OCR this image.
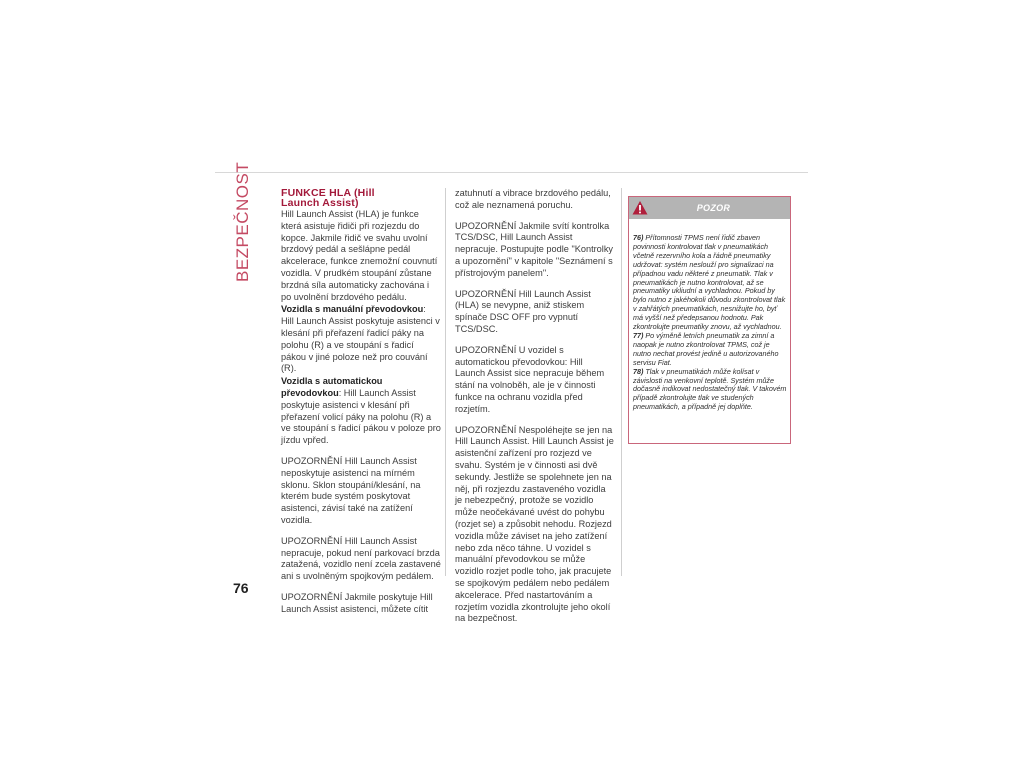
BEZPEČNOST
76
FUNKCE HLA (Hill
Launch Assist)

Hill Launch Assist (HLA) je funkce která asistuje řidiči při rozjezdu do kopce. Jakmile řidič ve svahu uvolní brzdový pedál a sešlápne pedál akcelerace, funkce znemožní couvnutí vozidla. V prudkém stoupání zůstane brzdná síla automaticky zachována i po uvolnění brzdového pedálu.

Vozidla s manuální převodovkou: Hill Launch Assist poskytuje asistenci v klesání při přeřazení řadicí páky na polohu (R) a ve stoupání s řadicí pákou v jiné poloze než pro couvání (R).

Vozidla s automatickou převodovkou: Hill Launch Assist poskytuje asistenci v klesání při přeřazení volicí páky na polohu (R) a ve stoupání s řadicí pákou v poloze pro jízdu vpřed.

UPOZORNĚNÍ Hill Launch Assist neposkytuje asistenci na mírném sklonu. Sklon stoupání/klesání, na kterém bude systém poskytovat asistenci, závisí také na zatížení vozidla.

UPOZORNĚNÍ Hill Launch Assist nepracuje, pokud není parkovací brzda zatažená, vozidlo není zcela zastavené ani s uvolněným spojkovým pedálem.

UPOZORNĚNÍ Jakmile poskytuje Hill Launch Assist asistenci, můžete cítit

zatuhnutí a vibrace brzdového pedálu, což ale neznamená poruchu.

UPOZORNĚNÍ Jakmile svítí kontrolka TCS/DSC, Hill Launch Assist nepracuje. Postupujte podle "Kontrolky a upozornění" v kapitole "Seznámení s přístrojovým panelem".

UPOZORNĚNÍ Hill Launch Assist (HLA) se nevypne, aniž stiskem spínače DSC OFF pro vypnutí TCS/DSC.

UPOZORNĚNÍ U vozidel s automatickou převodovkou: Hill Launch Assist sice nepracuje během stání na volnoběh, ale je v činnosti funkce na ochranu vozidla před rozjetím.

UPOZORNĚNÍ Nespoléhejte se jen na Hill Launch Assist. Hill Launch Assist je asistenční zařízení pro rozjezd ve svahu. Systém je v činnosti asi dvě sekundy. Jestliže se spolehnete jen na něj, při rozjezdu zastaveného vozidla je nebezpečný, protože se vozidlo může neočekávané uvést do pohybu (rozjet se) a způsobit nehodu. Rozjezd vozidla může záviset na jeho zatížení nebo zda něco táhne. U vozidel s manuální převodovkou se může vozidlo rozjet podle toho, jak pracujete se spojkovým pedálem nebo pedálem akcelerace. Před nastartováním a rozjetím vozidla zkontrolujte jeho okolí na bezpečnost.

POZOR

76) Přítomnosti TPMS není řidič zbaven povinnosti kontrolovat tlak v pneumatikách včetně rezervního kola a řádně pneumatiky udržovat: systém neslouží pro signalizaci na případnou vadu některé z pneumatik. Tlak v pneumatikách je nutno kontrolovat, až se pneumatiky ukliudní a vychladnou. Pokud by bylo nutno z jakéhokoli důvodu zkontrolovat tlak v zahřátých pneumatikách, nesnižujte ho, byť má vyšší než předepsanou hodnotu. Pak zkontrolujte pneumatiky znovu, až vychladnou.

77) Po výměně letních pneumatik za zimní a naopak je nutno zkontrolovat TPMS, což je nutno nechat provést jedině u autorizovaného servisu Fiat.

78) Tlak v pneumatikách může kolísat v závislosti na venkovní teplotě. Systém může dočasně indikovat nedostatečný tlak. V takovém případě zkontrolujte tlak ve studených pneumatikách, a případně jej doplňte.
